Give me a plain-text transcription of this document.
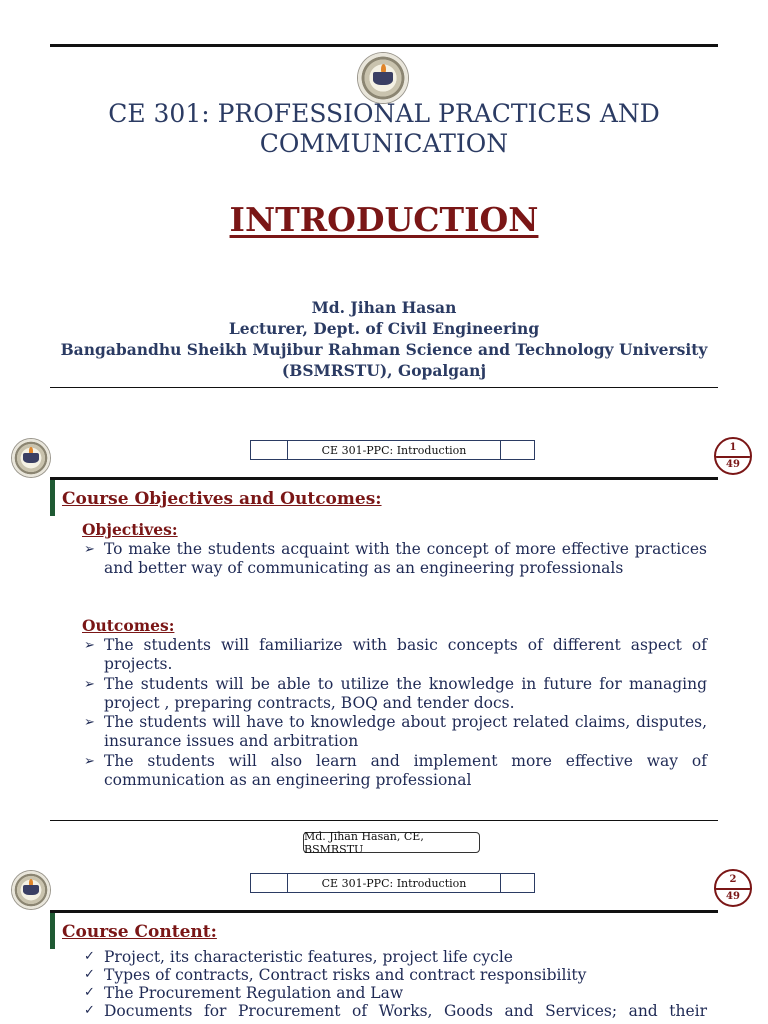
CE 301: PROFESSIONAL PRACTICES AND
COMMUNICATION
INTRODUCTION
Md. Jihan Hasan
Lecturer, Dept. of Civil Engineering
Bangabandhu Sheikh Mujibur Rahman Science and Technology University
(BSMRSTU), Gopalganj
CE 301-PPC: Introduction	1
49
Course Objectives and Outcomes:
Objectives:
➢ To make the students acquaint with the concept of more effective practices and better way of communicating as an engineering professionals
Outcomes:
➢ The students will familiarize with basic concepts of different aspect of projects.
➢ The students will be able to utilize the knowledge in future for managing project , preparing contracts, BOQ and tender docs.
➢ The students will have to knowledge about project related claims, disputes, insurance issues and arbitration
➢ The students will also learn and implement more effective way of communication as an engineering professional
Md. Jihan Hasan, CE, BSMRSTU
CE 301-PPC: Introduction	2
49
Course Content:
✓ Project, its characteristic features, project life cycle
✓ Types of contracts, Contract risks and contract responsibility
✓ The Procurement Regulation and Law
✓ Documents for Procurement of Works, Goods and Services; and their
